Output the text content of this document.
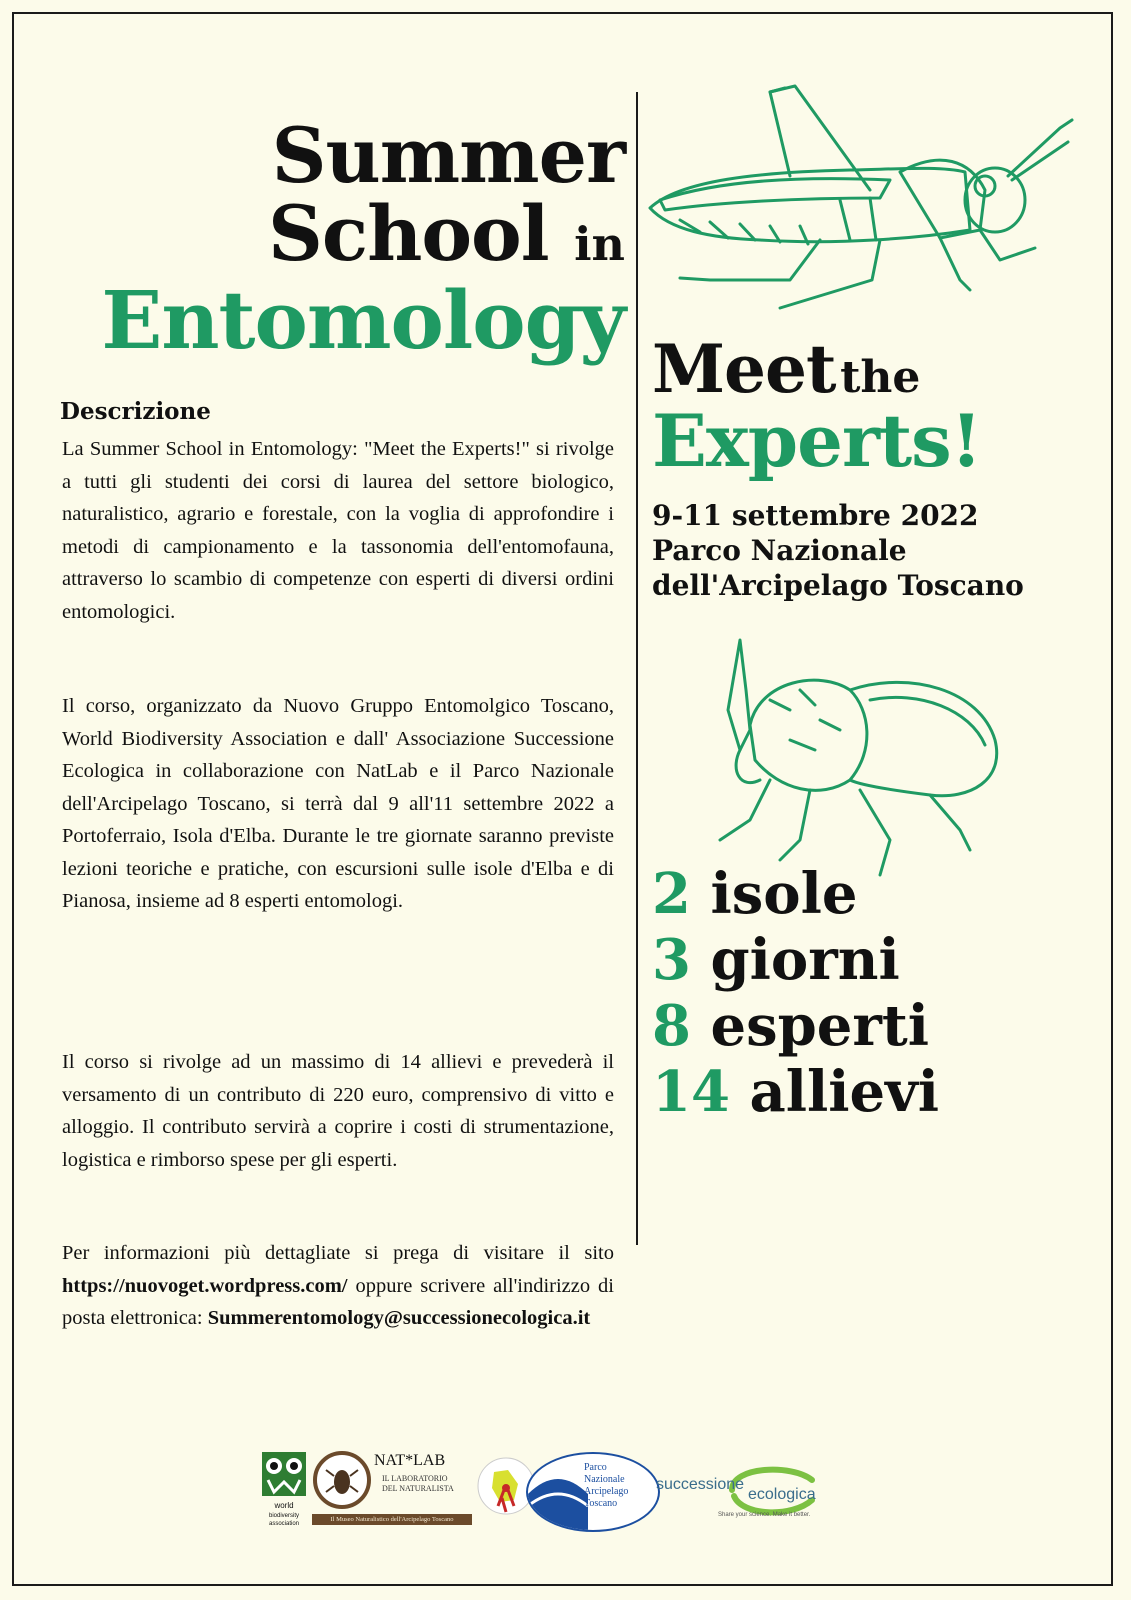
Summer
School in
Entomology
Descrizione

La Summer School in Entomology: "Meet the Experts!" si rivolge a tutti gli studenti dei corsi di laurea del settore biologico, naturalistico, agrario e forestale, con la voglia di approfondire i metodi di campionamento e la tassonomia dell'entomofauna, attraverso lo scambio di competenze con esperti di diversi ordini entomologici.

Il corso, organizzato da Nuovo Gruppo Entomolgico Toscano, World Biodiversity Association e dall' Associazione Successione Ecologica in collaborazione con NatLab e il Parco Nazionale dell'Arcipelago Toscano, si terrà dal 9 all'11 settembre 2022 a Portoferraio, Isola d'Elba. Durante le tre giornate saranno previste lezioni teoriche e pratiche, con escursioni sulle isole d'Elba e di Pianosa, insieme ad 8 esperti entomologi.

Il corso si rivolge ad un massimo di 14 allievi e prevederà il versamento di un contributo di 220 euro, comprensivo di vitto e alloggio. Il contributo servirà a coprire i costi di strumentazione, logistica e rimborso spese per gli esperti.

Per informazioni più dettagliate si prega di visitare il sito https://nuovoget.wordpress.com/ oppure scrivere all'indirizzo di posta elettronica: Summerentomology@successionecologica.it

Meet the
Experts!
9-11 settembre 2022
Parco Nazionale
dell'Arcipelago Toscano
2 isole
3 giorni
8 esperti
14 allievi
world
biodiversity
association
NAT*LAB
IL LABORATORIO
DEL NATURALISTA
Il Museo Naturalistico dell'Arcipelago Toscano
Parco
Nazionale
Arcipelago
Toscano
successione
ecologica
Share your science. Make it better.
